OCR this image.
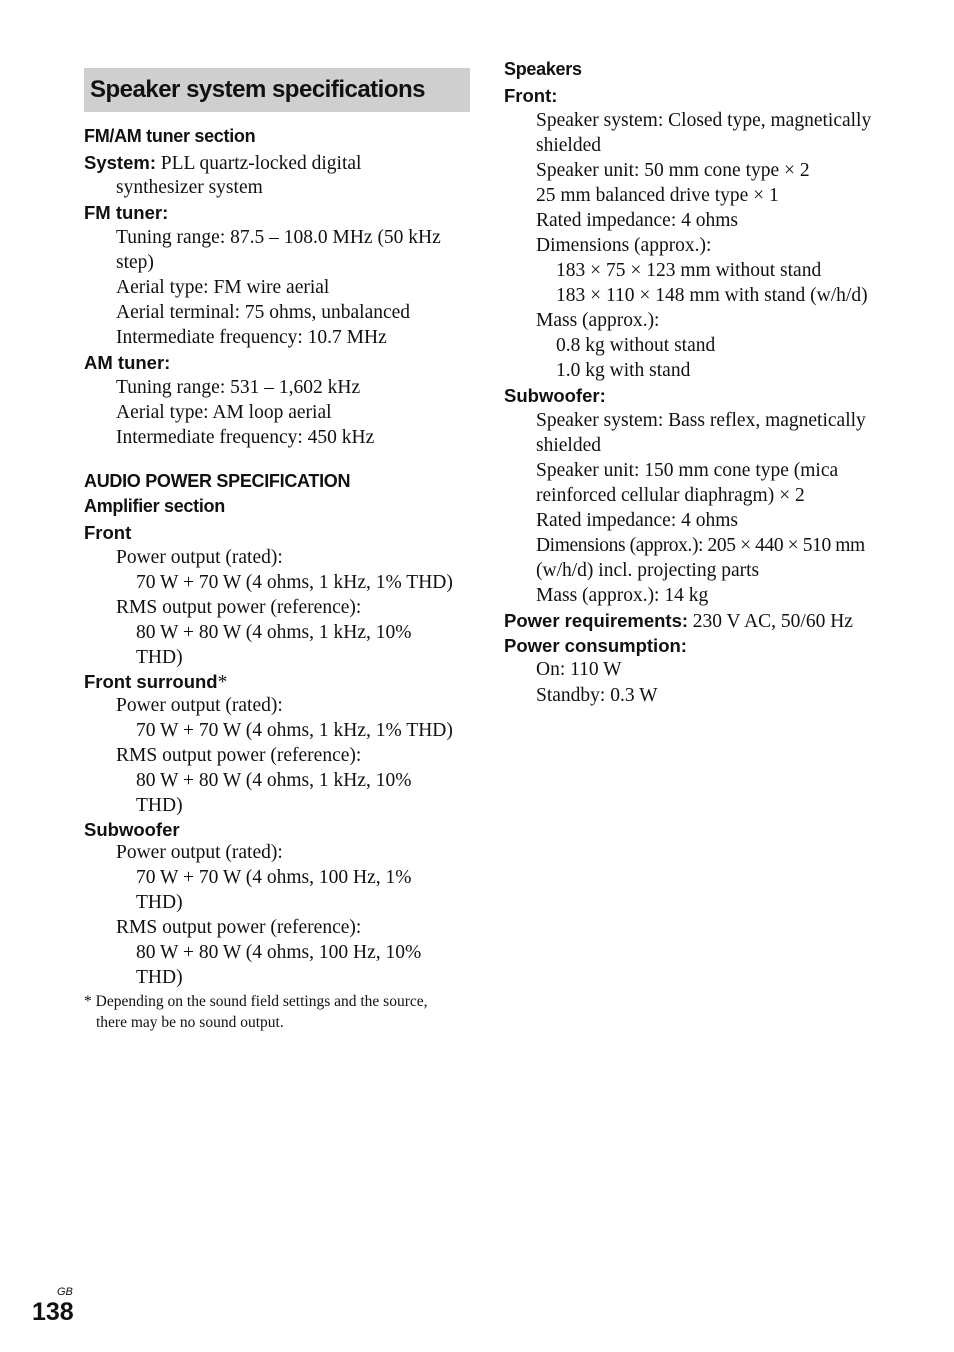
Speaker system specifications
FM/AM tuner section
System: PLL quartz-locked digital
synthesizer system
FM tuner:
Tuning range: 87.5 – 108.0 MHz (50 kHz
step)
Aerial type: FM wire aerial
Aerial terminal: 75 ohms, unbalanced
Intermediate frequency: 10.7 MHz
AM tuner:
Tuning range: 531 – 1,602 kHz
Aerial type: AM loop aerial
Intermediate frequency: 450 kHz
AUDIO POWER SPECIFICATION
Amplifier section
Front
Power output (rated):
70 W + 70 W (4 ohms, 1 kHz, 1% THD)
RMS output power (reference):
80 W + 80 W (4 ohms, 1 kHz, 10%
THD)
Front surround*
Power output (rated):
70 W + 70 W (4 ohms, 1 kHz, 1% THD)
RMS output power (reference):
80 W + 80 W (4 ohms, 1 kHz, 10%
THD)
Subwoofer
Power output (rated):
70 W + 70 W (4 ohms, 100 Hz, 1%
THD)
RMS output power (reference):
80 W + 80 W (4 ohms, 100 Hz, 10%
THD)
* Depending on the sound field settings and the source,
there may be no sound output.
Speakers
Front:
Speaker system: Closed type, magnetically
shielded
Speaker unit: 50 mm cone type × 2
25 mm balanced drive type × 1
Rated impedance: 4 ohms
Dimensions (approx.):
183 × 75 × 123 mm without stand
183 × 110 × 148 mm with stand (w/h/d)
Mass (approx.):
0.8 kg without stand
1.0 kg with stand
Subwoofer:
Speaker system: Bass reflex, magnetically
shielded
Speaker unit: 150 mm cone type (mica
reinforced cellular diaphragm) × 2
Rated impedance: 4 ohms
Dimensions (approx.): 205 × 440 × 510 mm
(w/h/d) incl. projecting parts
Mass (approx.): 14 kg
Power requirements: 230 V AC, 50/60 Hz
Power consumption:
On: 110 W
Standby: 0.3 W
GB
138
